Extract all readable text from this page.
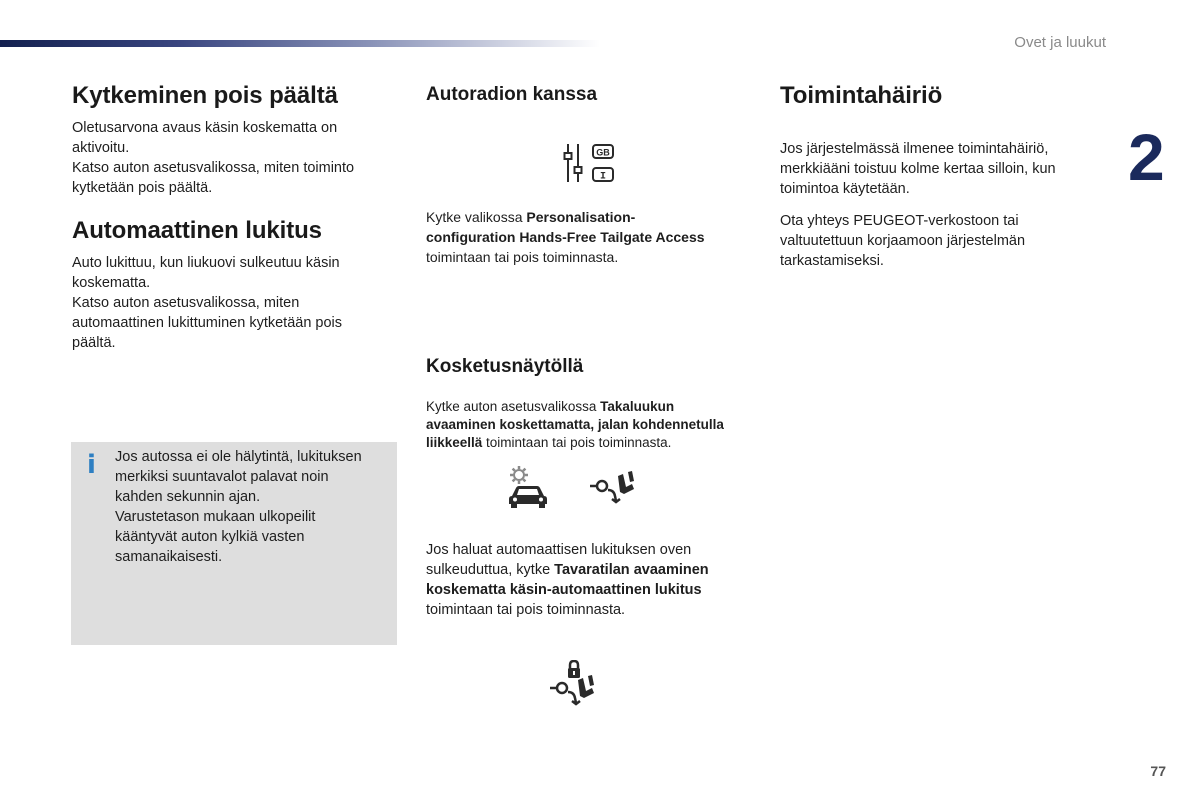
Ovet ja luukut
2
Kytkeminen pois päältä

Oletusarvona avaus käsin koskematta on

aktivoitu.

Katso auton asetusvalikossa, miten toiminto

kytketään pois päältä.

Automaattinen lukitus

Auto lukittuu, kun liukuovi sulkeutuu käsin

koskematta.

Katso auton asetusvalikossa, miten

automaattinen lukittuminen kytketään pois

päältä.

i Jos autossa ei ole hälytintä, lukituksen

merkiksi suuntavalot palavat noin

kahden sekunnin ajan.

Varustetason mukaan ulkopeilit

kääntyvät auton kylkiä vasten

samanaikaisesti.

Autoradion kanssa
GB
I

Kytke valikossa Personalisation-

configuration Hands-Free Tailgate Access

toimintaan tai pois toiminnasta.

Kosketusnäytöllä

Kytke auton asetusvalikossa Takaluukun

avaaminen koskettamatta, jalan kohdennetulla

liikkeellä toimintaan tai pois toiminnasta.

Jos haluat automaattisen lukituksen oven

sulkeuduttua, kytke Tavaratilan avaaminen

koskematta käsin-automaattinen lukitus

toimintaan tai pois toiminnasta.

Toimintahäiriö

Jos järjestelmässä ilmenee toimintahäiriö,

merkkiääni toistuu kolme kertaa silloin, kun

toimintoa käytetään.

Ota yhteys PEUGEOT-verkostoon tai

valtuutettuun korjaamoon järjestelmän

tarkastamiseksi.

77
